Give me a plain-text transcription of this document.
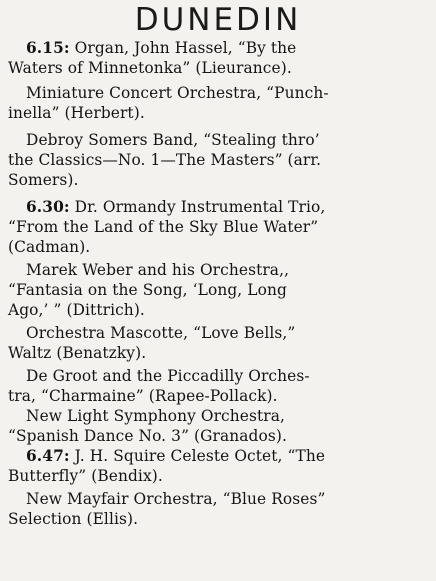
DUNEDIN
6.15: Organ, John Hassel, “By the
Waters of Minnetonka” (Lieurance).
Miniature Concert Orchestra, “Punch-
inella” (Herbert).
Debroy Somers Band, “Stealing thro’
the Classics—No. 1—The Masters” (arr.
Somers).
6.30: Dr. Ormandy Instrumental Trio,
“From the Land of the Sky Blue Water”
(Cadman).
Marek Weber and his Orchestra,,
“Fantasia on the Song, ‘Long, Long
Ago,’ ” (Dittrich).
Orchestra Mascotte, “Love Bells,”
Waltz (Benatzky).
De Groot and the Piccadilly Orches-
tra, “Charmaine” (Rapee-Pollack).
New Light Symphony Orchestra,
“Spanish Dance No. 3” (Granados).
6.47: J. H. Squire Celeste Octet, “The
Butterfly” (Bendix).
New Mayfair Orchestra, “Blue Roses”
Selection (Ellis).
